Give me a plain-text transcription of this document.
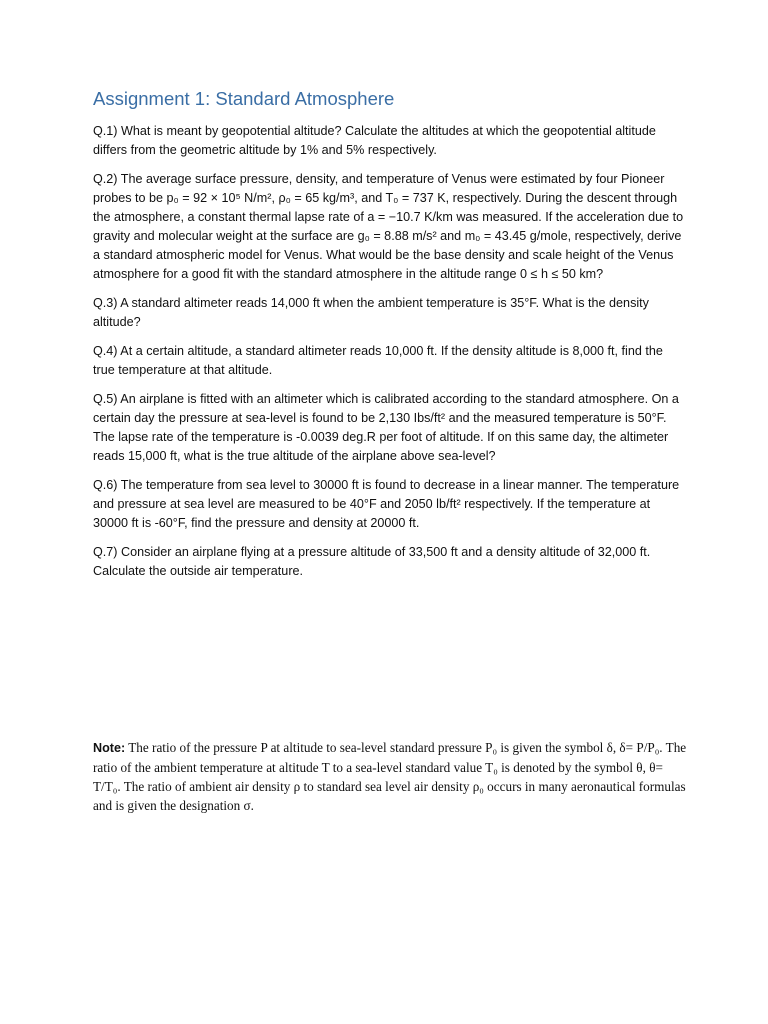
Assignment 1: Standard Atmosphere

Q.1) What is meant by geopotential altitude? Calculate the altitudes at which the geopotential altitude differs from the geometric altitude by 1% and 5% respectively.

Q.2) The average surface pressure, density, and temperature of Venus were estimated by four Pioneer probes to be p₀ = 92 × 10⁵ N/m², ρ₀ = 65 kg/m³, and T₀ = 737 K, respectively. During the descent through the atmosphere, a constant thermal lapse rate of a = −10.7 K/km was measured. If the acceleration due to gravity and molecular weight at the surface are g₀ = 8.88 m/s² and m₀ = 43.45 g/mole, respectively, derive a standard atmospheric model for Venus. What would be the base density and scale height of the Venus atmosphere for a good fit with the standard atmosphere in the altitude range 0 ≤ h ≤ 50 km?

Q.3) A standard altimeter reads 14,000 ft when the ambient temperature is 35°F. What is the density altitude?

Q.4) At a certain altitude, a standard altimeter reads 10,000 ft. If the density altitude is 8,000 ft, find the true temperature at that altitude.

Q.5) An airplane is fitted with an altimeter which is calibrated according to the standard atmosphere. On a certain day the pressure at sea-level is found to be 2,130 Ibs/ft² and the measured temperature is 50°F. The lapse rate of the temperature is -0.0039 deg.R per foot of altitude. If on this same day, the altimeter reads 15,000 ft, what is the true altitude of the airplane above sea-level?

Q.6) The temperature from sea level to 30000 ft is found to decrease in a linear manner. The temperature and pressure at sea level are measured to be 40°F and 2050 lb/ft² respectively. If the temperature at 30000 ft is -60°F, find the pressure and density at 20000 ft.

Q.7) Consider an airplane flying at a pressure altitude of 33,500 ft and a density altitude of 32,000 ft. Calculate the outside air temperature.

Note: The ratio of the pressure P at altitude to sea-level standard pressure P₀ is given the symbol δ, δ= P/P₀. The ratio of the ambient temperature at altitude T to a sea-level standard value T₀ is denoted by the symbol θ, θ= T/T₀. The ratio of ambient air density ρ to standard sea level air density ρ₀ occurs in many aeronautical formulas and is given the designation σ.
